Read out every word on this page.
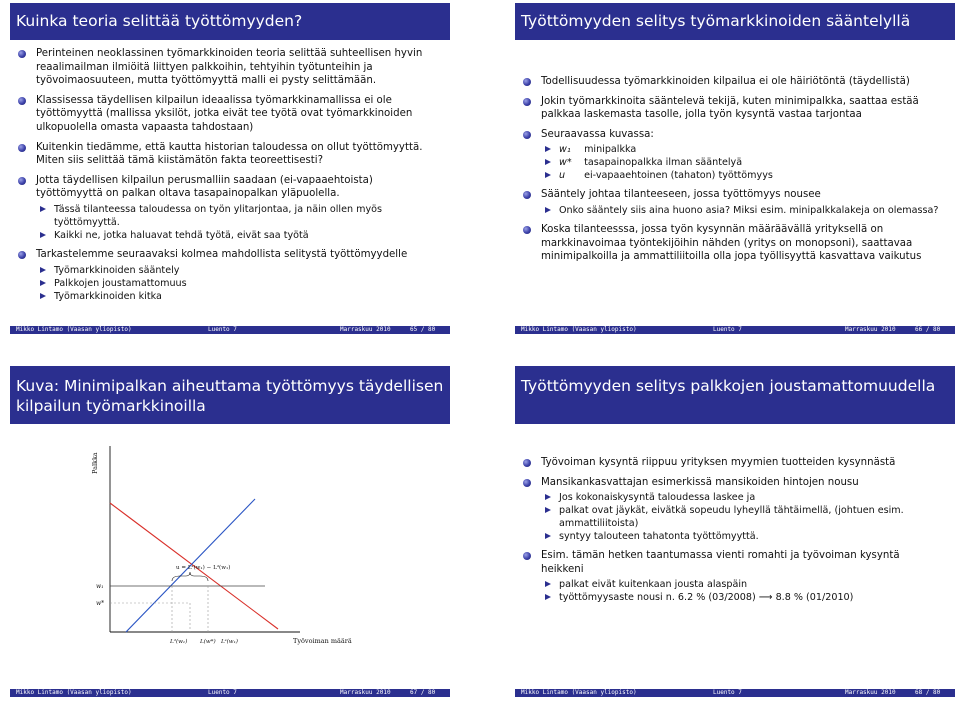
Kuinka teoria selittää työttömyyden?
Perinteinen neoklassinen työmarkkinoiden teoria selittää suhteellisen hyvin reaalimailman ilmiöitä liittyen palkkoihin, tehtyihin työtunteihin ja työvoimaosuuteen, mutta työttömyyttä malli ei pysty selittämään.
Klassisessa täydellisen kilpailun ideaalissa työmarkkinamallissa ei ole työttömyyttä (mallissa yksilöt, jotka eivät tee työtä ovat työmarkkinoiden ulkopuolella omasta vapaasta tahdostaan)
Kuitenkin tiedämme, että kautta historian taloudessa on ollut työttömyyttä. Miten siis selittää tämä kiistämätön fakta teoreettisesti?
Jotta täydellisen kilpailun perusmalliin saadaan (ei-vapaaehtoista) työttömyyttä on palkan oltava tasapainopalkan yläpuolella.
Tässä tilanteessa taloudessa on työn ylitarjontaa, ja näin ollen myös työttömyyttä.
Kaikki ne, jotka haluavat tehdä työtä, eivät saa työtä
Tarkastelemme seuraavaksi kolmea mahdollista selitystä työttömyydelle
Työmarkkinoiden sääntely
Palkkojen joustamattomuus
Työmarkkinoiden kitka
Mikko Lintamo (Vaasan yliopisto)	Luento 7	Marraskuu 2010	65 / 80
Työttömyyden selitys työmarkkinoiden sääntelyllä
Todellisuudessa työmarkkinoiden kilpailua ei ole häiriötöntä (täydellistä)
Jokin työmarkkinoita sääntelevä tekijä, kuten minimipalkka, saattaa estää palkkaa laskemasta tasolle, jolla työn kysyntä vastaa tarjontaa
Seuraavassa kuvassa:
w₁ minipalkka
w* tasapainopalkka ilman sääntelyä
u ei-vapaaehtoinen (tahaton) työttömyys
Sääntely johtaa tilanteeseen, jossa työttömyys nousee
Onko sääntely siis aina huono asia? Miksi esim. minipalkkalakeja on olemassa?
Koska tilanteesssa, jossa työn kysynnän määräävällä yrityksellä on markkinavoimaa työntekijöihin nähden (yritys on monopsoni), saattavaa minimipalkoilla ja ammattiliitoilla olla jopa työllisyyttä kasvattava vaikutus
Mikko Lintamo (Vaasan yliopisto)	Luento 7	Marraskuu 2010	66 / 80
Kuva: Minimipalkan aiheuttama työttömyys täydellisen kilpailun työmarkkinoilla
Palkka
Työvoiman määrä
u = Lˢ(w₁) − Lᵈ(w₁)
w₁
w*
Lᵈ(w₁) L(w*) Lˢ(w₁)
Mikko Lintamo (Vaasan yliopisto)	Luento 7	Marraskuu 2010	67 / 80
Työttömyyden selitys palkkojen joustamattomuudella
Työvoiman kysyntä riippuu yrityksen myymien tuotteiden kysynnästä
Mansikankasvattajan esimerkissä mansikoiden hintojen nousu
Jos kokonaiskysyntä taloudessa laskee ja
palkat ovat jäykät, eivätkä sopeudu lyheyllä tähtäimellä, (johtuen esim. ammattiliitoista)
syntyy talouteen tahatonta työttömyyttä.
Esim. tämän hetken taantumassa vienti romahti ja työvoiman kysyntä heikkeni
palkat eivät kuitenkaan jousta alaspäin
työttömyysaste nousi n. 6.2 % (03/2008) ⟶ 8.8 % (01/2010)
Mikko Lintamo (Vaasan yliopisto)	Luento 7	Marraskuu 2010	68 / 80
